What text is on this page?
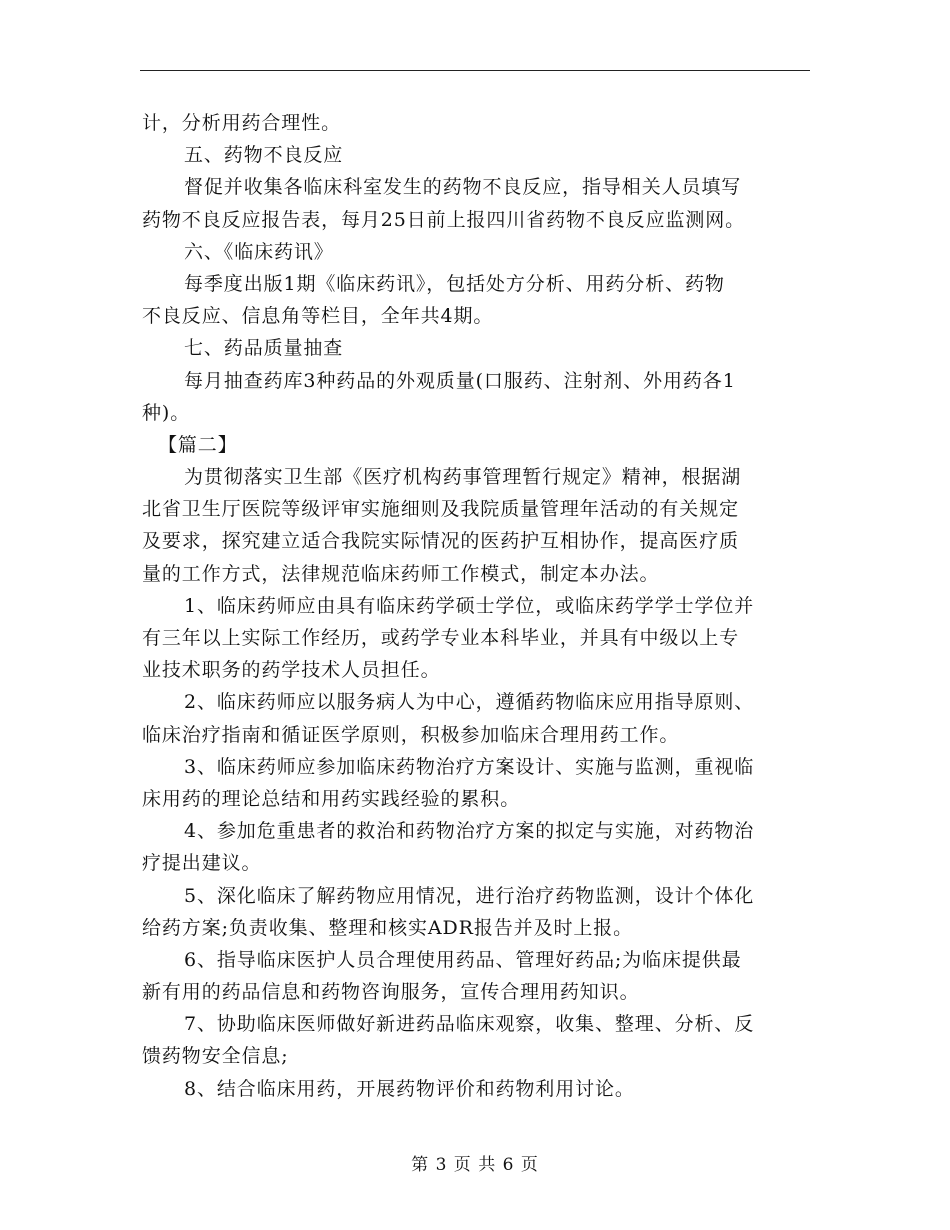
计，分析用药合理性。
五、药物不良反应
督促并收集各临床科室发生的药物不良反应，指导相关人员填写
药物不良反应报告表，每月25日前上报四川省药物不良反应监测网。
六、《临床药讯》
每季度出版1期《临床药讯》，包括处方分析、用药分析、药物
不良反应、信息角等栏目，全年共4期。
七、药品质量抽查
每月抽查药库3种药品的外观质量(口服药、注射剂、外用药各1
种)。
【篇二】
为贯彻落实卫生部《医疗机构药事管理暂行规定》精神，根据湖
北省卫生厅医院等级评审实施细则及我院质量管理年活动的有关规定
及要求，探究建立适合我院实际情况的医药护互相协作，提高医疗质
量的工作方式，法律规范临床药师工作模式，制定本办法。
1、临床药师应由具有临床药学硕士学位，或临床药学学士学位并
有三年以上实际工作经历，或药学专业本科毕业，并具有中级以上专
业技术职务的药学技术人员担任。
2、临床药师应以服务病人为中心，遵循药物临床应用指导原则、
临床治疗指南和循证医学原则，积极参加临床合理用药工作。
3、临床药师应参加临床药物治疗方案设计、实施与监测，重视临
床用药的理论总结和用药实践经验的累积。
4、参加危重患者的救治和药物治疗方案的拟定与实施，对药物治
疗提出建议。
5、深化临床了解药物应用情况，进行治疗药物监测，设计个体化
给药方案;负责收集、整理和核实ADR报告并及时上报。
6、指导临床医护人员合理使用药品、管理好药品;为临床提供最
新有用的药品信息和药物咨询服务，宣传合理用药知识。
7、协助临床医师做好新进药品临床观察，收集、整理、分析、反
馈药物安全信息;
8、结合临床用药，开展药物评价和药物利用讨论。
第 3 页 共 6 页
